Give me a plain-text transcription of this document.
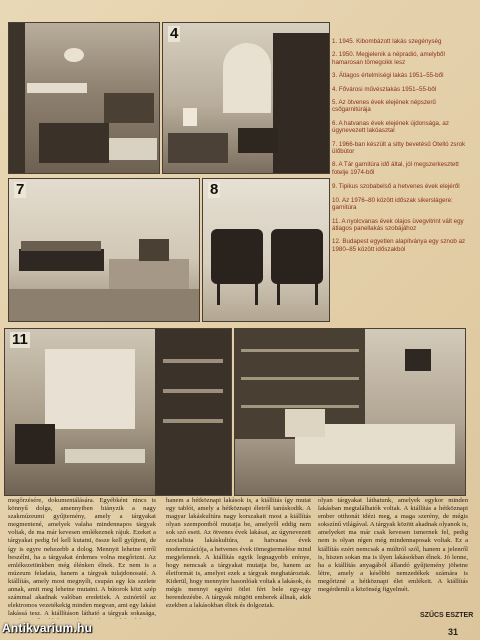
4
7	8
11
1. 1945. Kibombázott lakás szegénység
2. 1950. Megjelenik a népradió, amelyből hamarosan tömegcikk lesz
3. Átlagos értelmiségi lakás 1951–55-ből
4. Fővárosi művészlakás 1951–55-ből
5. Az ötvenes évek elejének népszerű csőgarnitúrája
6. A hatvanas évek elejének újdonsága, az úgynevezett lakóasztal
7. 1966-ban készült a sitty bevetésű Otelló zsrok ülőbútor
8. A Tár garnitúra idő által, jól megszerkesztett fotelje 1974-ből
9. Tipikus szobabelső a hetvenes évek elejéről
10. Az 1976–80 között időszak sikerslágere: garnitúra
11. A nyolcvanas évek olajos üvegvitrint vált egy átlagos panellakás szobájához
12. Budapest egyetlen alapítványa egy sznob az 1980–85 között időszakból
megőrzésére, dokumentálására. Egyébként nincs is könnyű dolga, amennyiben hiányzik a nagy szakmúzeumi gyűjtemény, amely a tárgyakat megmentené, amelyek valaha mindennapos tárgyak voltak, de ma már kevesen emlékeznek rájuk. Ezeket a tárgyakat pedig fel kell kutatni, össze kell gyűjteni, de így is egyre nehezebb a dolog. Mennyit lehetne erről beszélni, ha a tárgyakat érdemes volna megőrizni. Az emlékezetünkben még élénken élnek. Ez nem is a múzeum feladata, hanem a tárgyak tulajdonosaié. A kiállítás, amely most megnyílt, csupán egy kis szelete annak, amit meg lehetne mutatni. A bútorok közt szép számmal akadnak valóban eredetiek. A zsinórtól az elektromos vezetékekig minden megvan, ami egy lakást lakássá tesz. A kiállításon látható a tárgyak sokasága,
hanem a hétköznapi lakások is, a kiállítás így mutat egy tablót, amely a hétköznapi életről tanúskodik. A magyar lakáskultúra nagy korszakait most a kiállítás olyan szempontból mutatja be, amelyről eddig nem sok szó esett. Az ötvenes évek lakásai, az úgynevezett szocialista lakáskultúra, a hatvanas évek modernizációja, a hetvenes évek tömegtermelése mind megjelennek. A kiállítás egyik legnagyobb erénye, hogy nemcsak a tárgyakat mutatja be, hanem az életformát is, amelyet ezek a tárgyak meghatároztak. Kiderül, hogy mennyire hasonlóak voltak a lakások, és mégis mennyi egyéni ötlet fért bele egy-egy berendezésbe. A tárgyak mögött emberek állnak, akik ezekben a lakásokban éltek és dolgoztak.
olyan tárgyakat láthatunk, amelyek egykor minden lakásban megtalálhatók voltak. A kiállítás a hétköznapi ember otthonát idézi meg, a maga szerény, de mégis sokszínű világával. A tárgyak között akadnak olyanok is, amelyeket ma már csak kevesen ismernek fel, pedig nem is olyan régen még mindennaposak voltak. Ez a kiállítás ezért nemcsak a múltról szól, hanem a jelenről is, hiszen sokan ma is ilyen lakásokban élnek. Jó lenne, ha a kiállítás anyagából állandó gyűjtemény jöhetne létre, amely a későbbi nemzedékek számára is megőrizné a hétköznapi élet emlékeit. A kiállítás megérdemli a közönség figyelmét.
SZŰCS ESZTER
31
Antikvarium.hu
